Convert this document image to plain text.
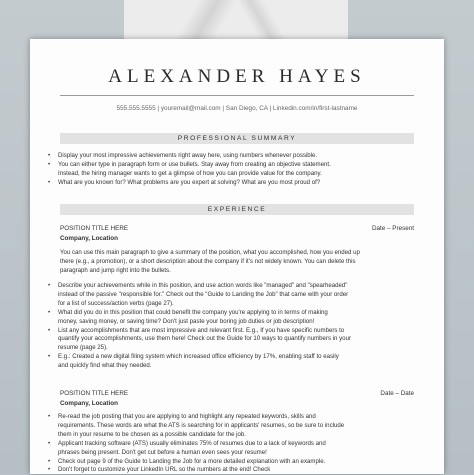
ALEXANDER HAYES
555.555.5555 | youremail@mail.com | San Diego, CA | Linkedin.com/in/first-lastname
PROFESSIONAL SUMMARY
• Display your most impressive achievements right away here, using numbers whenever possible.
• You can either type in paragraph form or use bullets. Stay away from creating an objective statement.
Instead, the hiring manager wants to get a glimpse of how you can provide value for the company.
• What are you known for? What problems are you expert at solving? What are you most proud of?
EXPERIENCE
POSITION TITLE HERE	Date – Present
Company, Location
You can use this main paragraph to give a summary of the position, what you accomplished, how you ended up
there (e.g., a promotion), or a short description about the company if it's not widely known. You can delete this
paragraph and jump right into the bullets.
• Describe your achievements while in this position, and use action words like "managed" and "spearheaded"
instead of the passive "responsible for." Check out the "Guide to Landing the Job" that came with your order
for a list of success/action verbs (page 27).
• What did you do in this position that could benefit the company you're applying to in terms of making
money, saving money, or saving time? Don't just paste your boring job duties or job description!
• List any accomplishments that are most impressive and relevant first. E.g., If you have specific numbers to
quantify your accomplishments, use them here! Check out the Guide for 10 ways to quantify numbers in your
resume (page 25).
• E.g.: Created a new digital filing system which increased office efficiency by 17%, enabling staff to easily
and quickly find what they needed.
POSITION TITLE HERE	Date – Date
Company, Location
• Re-read the job posting that you are applying to and highlight any repeated keywords, skills and
requirements. These words are what the ATS is searching for in applicants' resumes, so be sure to include
them in your resume to be chosen as a possible candidate for the job.
• Applicant tracking software (ATS) usually eliminates 75% of resumes due to a lack of keywords and
phrases being present. Don't get cut before a human even sees your resume!
• Check out page 9 of the Guide to Landing the Job for a more detailed explanation with an example.
• Don't forget to customize your LinkedIn URL so the numbers at the end! Check
